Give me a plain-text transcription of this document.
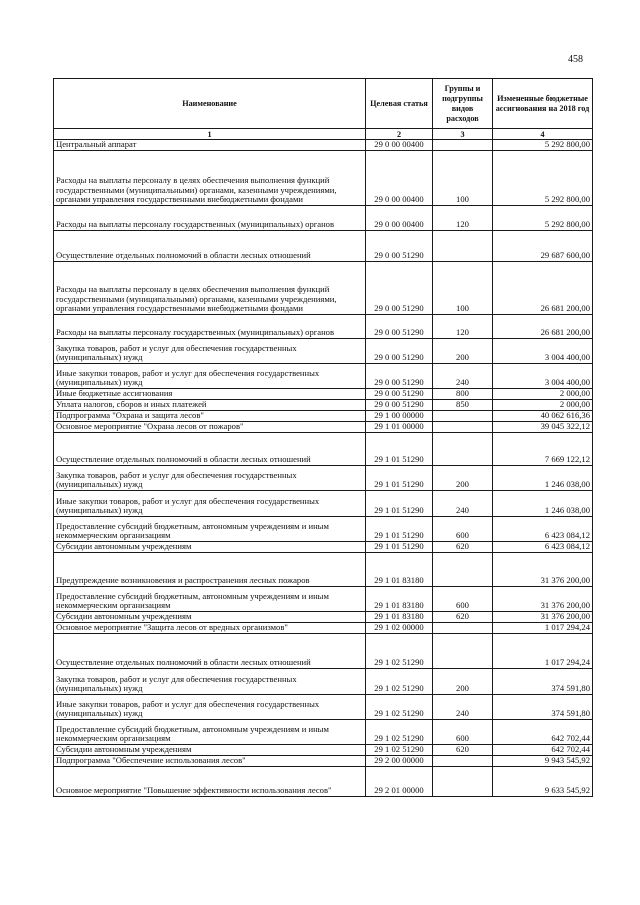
458
Наименование	Целевая статья	Группы и подгруппы видов расходов	Измененные бюджетные ассигнования на 2018 год
1	2	3	4
Центральный аппарат	29 0 00 00400		5 292 800,00
Расходы на выплаты персоналу в целях обеспечения выполнения функций государственными (муниципальными) органами, казенными учреждениями, органами управления государственными внебюджетными фондами	29 0 00 00400	100	5 292 800,00
Расходы на выплаты персоналу государственных (муниципальных) органов	29 0 00 00400	120	5 292 800,00
Осуществление отдельных полномочий в области лесных отношений	29 0 00 51290		29 687 600,00
Расходы на выплаты персоналу в целях обеспечения выполнения функций государственными (муниципальными) органами, казенными учреждениями, органами управления государственными внебюджетными фондами	29 0 00 51290	100	26 681 200,00
Расходы на выплаты персоналу государственных (муниципальных) органов	29 0 00 51290	120	26 681 200,00
Закупка товаров, работ и услуг для обеспечения государственных (муниципальных) нужд	29 0 00 51290	200	3 004 400,00
Иные закупки товаров, работ и услуг для обеспечения государственных (муниципальных) нужд	29 0 00 51290	240	3 004 400,00
Иные бюджетные ассигнования	29 0 00 51290	800	2 000,00
Уплата налогов, сборов и иных платежей	29 0 00 51290	850	2 000,00
Подпрограмма "Охрана и защита лесов"	29 1 00 00000		40 062 616,36
Основное мероприятие "Охрана лесов от пожаров"	29 1 01 00000		39 045 322,12
Осуществление отдельных полномочий в области лесных отношений	29 1 01 51290		7 669 122,12
Закупка товаров, работ и услуг для обеспечения государственных (муниципальных) нужд	29 1 01 51290	200	1 246 038,00
Иные закупки товаров, работ и услуг для обеспечения государственных (муниципальных) нужд	29 1 01 51290	240	1 246 038,00
Предоставление субсидий бюджетным, автономным учреждениям и иным некоммерческим организациям	29 1 01 51290	600	6 423 084,12
Субсидии автономным учреждениям	29 1 01 51290	620	6 423 084,12
Предупреждение возникновения и распространения лесных пожаров	29 1 01 83180		31 376 200,00
Предоставление субсидий бюджетным, автономным учреждениям и иным некоммерческим организациям	29 1 01 83180	600	31 376 200,00
Субсидии автономным учреждениям	29 1 01 83180	620	31 376 200,00
Основное мероприятие "Защита лесов от вредных организмов"	29 1 02 00000		1 017 294,24
Осуществление отдельных полномочий в области лесных отношений	29 1 02 51290		1 017 294,24
Закупка товаров, работ и услуг для обеспечения государственных (муниципальных) нужд	29 1 02 51290	200	374 591,80
Иные закупки товаров, работ и услуг для обеспечения государственных (муниципальных) нужд	29 1 02 51290	240	374 591,80
Предоставление субсидий бюджетным, автономным учреждениям и иным некоммерческим организациям	29 1 02 51290	600	642 702,44
Субсидии автономным учреждениям	29 1 02 51290	620	642 702,44
Подпрограмма "Обеспечение использования лесов"	29 2 00 00000		9 943 545,92
Основное мероприятие "Повышение эффективности использования лесов"	29 2 01 00000		9 633 545,92
